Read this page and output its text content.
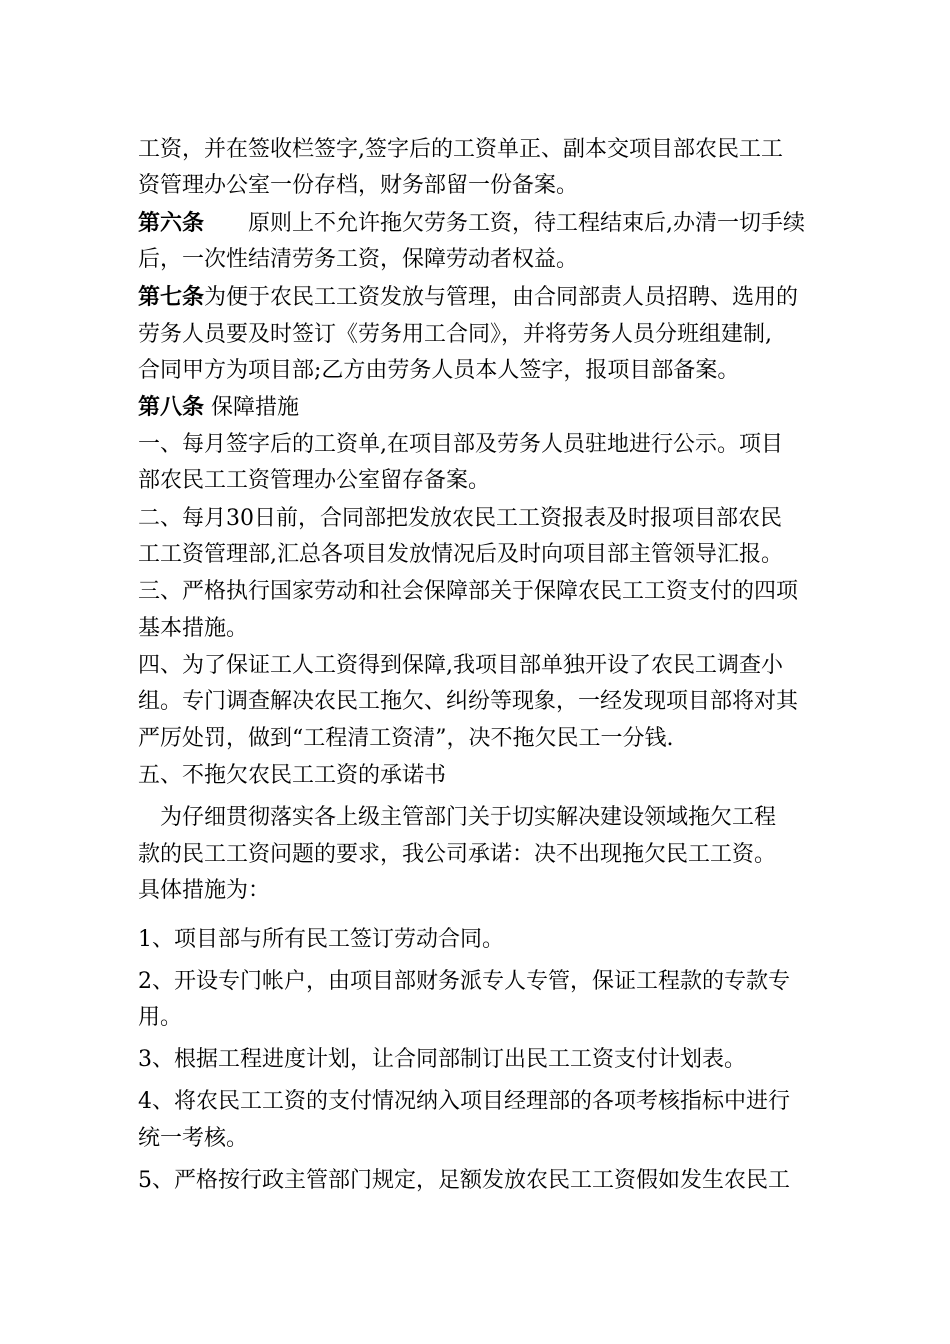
工资，并在签收栏签字,签字后的工资单正、副本交项目部农民工工
资管理办公室一份存档，财务部留一份备案。
第六条　　原则上不允许拖欠劳务工资，待工程结束后,办清一切手续
后，一次性结清劳务工资，保障劳动者权益。
第七条为便于农民工工资发放与管理，由合同部责人员招聘、选用的
劳务人员要及时签订《劳务用工合同》，并将劳务人员分班组建制,
合同甲方为项目部;乙方由劳务人员本人签字，报项目部备案。
第八条 保障措施
一、每月签字后的工资单,在项目部及劳务人员驻地进行公示。项目
部农民工工资管理办公室留存备案。
二、每月30日前，合同部把发放农民工工资报表及时报项目部农民
工工资管理部,汇总各项目发放情况后及时向项目部主管领导汇报。
三、严格执行国家劳动和社会保障部关于保障农民工工资支付的四项
基本措施。
四、为了保证工人工资得到保障,我项目部单独开设了农民工调查小
组。专门调查解决农民工拖欠、纠纷等现象，一经发现项目部将对其
严厉处罚，做到“工程清工资清”，决不拖欠民工一分钱.
五、不拖欠农民工工资的承诺书
　为仔细贯彻落实各上级主管部门关于切实解决建设领域拖欠工程
款的民工工资问题的要求，我公司承诺：决不出现拖欠民工工资。
具体措施为：
1、项目部与所有民工签订劳动合同。
2、开设专门帐户，由项目部财务派专人专管，保证工程款的专款专
用。
3、根据工程进度计划，让合同部制订出民工工资支付计划表。
4、将农民工工资的支付情况纳入项目经理部的各项考核指标中进行
统一考核。
5、严格按行政主管部门规定，足额发放农民工工资假如发生农民工
